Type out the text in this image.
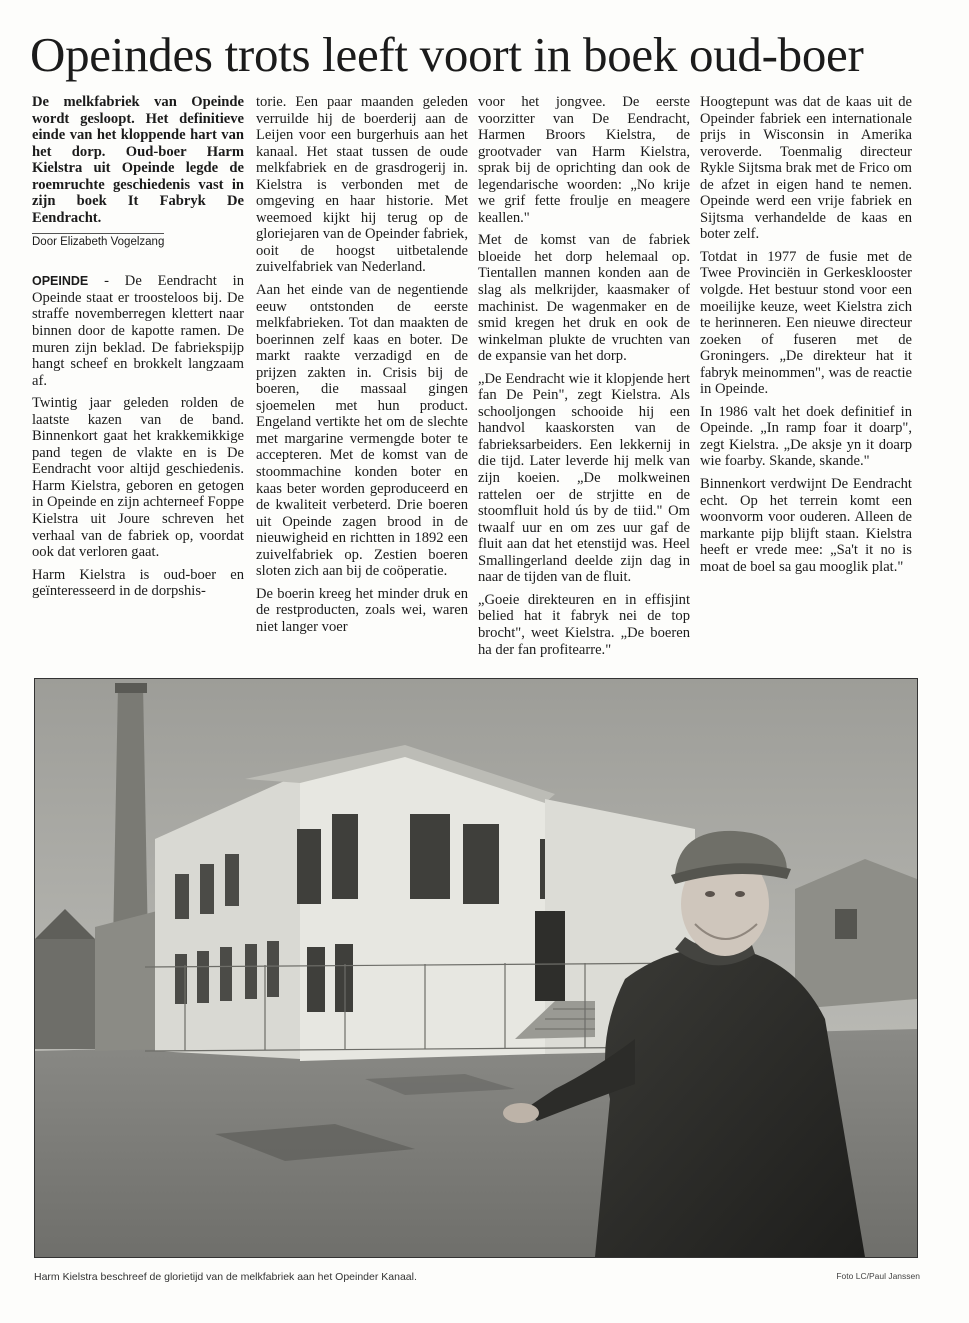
Opeindes trots leeft voort in boek oud-boer

De melkfabriek van Opeinde wordt gesloopt. Het definitieve einde van het kloppende hart van het dorp. Oud-boer Harm Kielstra uit Opeinde legde de roemruchte geschiedenis vast in zijn boek It Fabryk De Eendracht.

Door Elizabeth Vogelzang

OPEINDE - De Eendracht in Opeinde staat er troosteloos bij. De straffe novemberregen klettert naar binnen door de kapotte ramen. De muren zijn beklad. De fabriekspijp hangt scheef en brokkelt langzaam af.

Twintig jaar geleden rolden de laatste kazen van de band. Binnenkort gaat het krakkemikkige pand tegen de vlakte en is De Eendracht voor altijd geschiedenis. Harm Kielstra, geboren en getogen in Opeinde en zijn achterneef Foppe Kielstra uit Joure schreven het verhaal van de fabriek op, voordat ook dat verloren gaat.

Harm Kielstra is oud-boer en geïnteresseerd in de dorpshis-

torie. Een paar maanden geleden verruilde hij de boerderij aan de Leijen voor een burgerhuis aan het kanaal. Het staat tussen de oude melkfabriek en de grasdrogerij in. Kielstra is verbonden met de omgeving en haar historie. Met weemoed kijkt hij terug op de gloriejaren van de Opeinder fabriek, ooit de hoogst uitbetalende zuivelfabriek van Nederland.

Aan het einde van de negentiende eeuw ontstonden de eerste melkfabrieken. Tot dan maakten de boerinnen zelf kaas en boter. De markt raakte verzadigd en de prijzen zakten in. Crisis bij de boeren, die massaal gingen sjoemelen met hun product. Engeland vertikte het om de slechte met margarine vermengde boter te accepteren. Met de komst van de stoommachine konden boter en kaas beter worden geproduceerd en de kwaliteit verbeterd. Drie boeren uit Opeinde zagen brood in de nieuwigheid en richtten in 1892 een zuivelfabriek op. Zestien boeren sloten zich aan bij de coöperatie.

De boerin kreeg het minder druk en de restproducten, zoals wei, waren niet langer voer

voor het jongvee. De eerste voorzitter van De Eendracht, Harmen Broors Kielstra, de grootvader van Harm Kielstra, sprak bij de oprichting dan ook de legendarische woorden: „No krije we grif fette froulje en meagere keallen."

Met de komst van de fabriek bloeide het dorp helemaal op. Tientallen mannen konden aan de slag als melkrijder, kaasmaker of machinist. De wagenmaker en de smid kregen het druk en ook de winkelman plukte de vruchten van de expansie van het dorp.

„De Eendracht wie it klopjende hert fan De Pein", zegt Kielstra. Als schooljongen schooide hij een handvol kaaskorsten van de fabrieksarbeiders. Een lekkernij in die tijd. Later leverde hij melk van zijn koeien. „De molkweinen rattelen oer de strjitte en de stoomfluit hold ús by de tiid." Om twaalf uur en om zes uur gaf de fluit aan dat het etenstijd was. Heel Smallingerland deelde zijn dag in naar de tijden van de fluit.

„Goeie direkteuren en in effisjint belied hat it fabryk nei de top brocht", weet Kielstra. „De boeren ha der fan profitearre."

Hoogtepunt was dat de kaas uit de Opeinder fabriek een internationale prijs in Wisconsin in Amerika veroverde. Toenmalig directeur Rykle Sijtsma brak met de Frico om de afzet in eigen hand te nemen. Opeinde werd een vrije fabriek en Sijtsma verhandelde de kaas en boter zelf.

Totdat in 1977 de fusie met de Twee Provinciën in Gerkesklooster volgde. Het bestuur stond voor een moeilijke keuze, weet Kielstra zich te herinneren. Een nieuwe directeur zoeken of fuseren met de Groningers. „De direkteur hat it fabryk meinommen", was de reactie in Opeinde.

In 1986 valt het doek definitief in Opeinde. „In ramp foar it doarp", zegt Kielstra. „De aksje yn it doarp wie foarby. Skande, skande."

Binnenkort verdwijnt De Eendracht echt. Op het terrein komt een woonvorm voor ouderen. Alleen de markante pijp blijft staan. Kielstra heeft er vrede mee: „Sa't it no is moat de boel sa gau mooglik plat."

Harm Kielstra beschreef de glorietijd van de melkfabriek aan het Opeinder Kanaal.	Foto LC/Paul Janssen
